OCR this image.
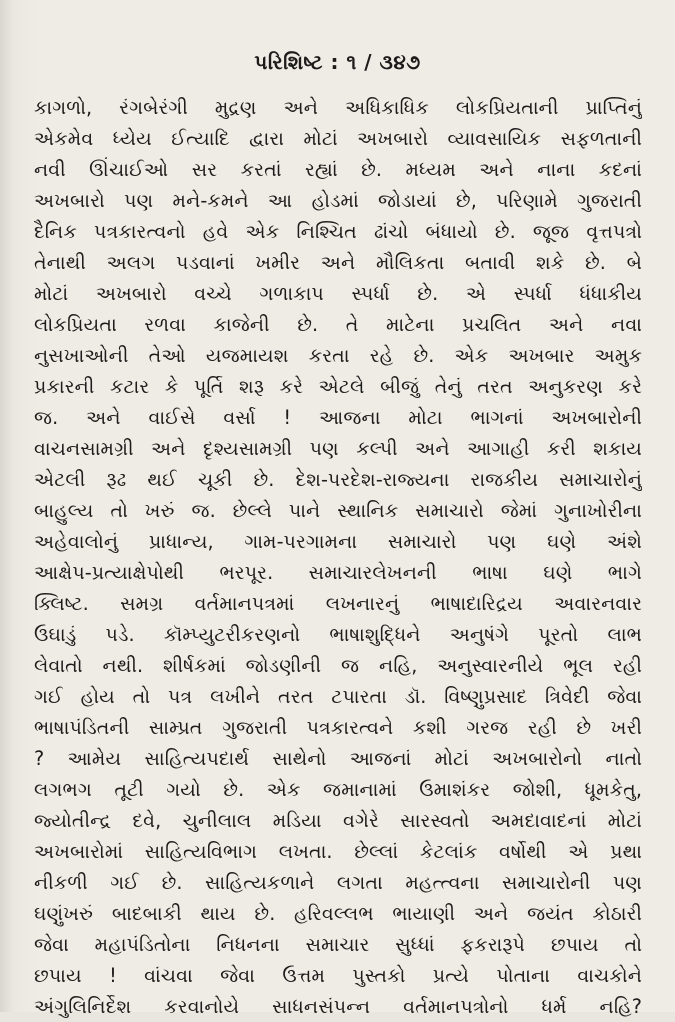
પરિશિષ્ટ : ૧ / ૩૪૭
કાગળો, રંગબેરંગી મુદ્રણ અને અધિકાધિક લોકપ્રિયતાની પ્રાપ્તિનું
એકમેવ ધ્યેય ઈત્યાદિ દ્વારા મોટાં અખબારો વ્યાવસાયિક સફળતાની
નવી ઊંચાઈઓ સર કરતાં રહ્યાં છે. મધ્યમ અને નાના કદનાં
અખબારો પણ મને-કમને આ હોડમાં જોડાયાં છે, પરિણામે ગુજરાતી
દૈનિક પત્રકારત્વનો હવે એક નિશ્ચિત ઢાંચો બંધાયો છે. જૂજ વૃત્તપત્રો
તેનાથી અલગ પડવાનાં ખમીર અને મૌલિકતા બતાવી શકે છે. બે
મોટાં અખબારો વચ્ચે ગળાકાપ સ્પર્ધા છે. એ સ્પર્ધા ધંધાકીય
લોકપ્રિયતા રળવા કાજેની છે. તે માટેના પ્રચલિત અને નવા
નુસખાઓની તેઓ યજમાયશ કરતા રહે છે. એક અખબાર અમુક
પ્રકારની કટાર કે પૂર્તિ શરૂ કરે એટલે બીજું તેનું તરત અનુકરણ કરે
જ. અને વાઈસે વર્સા ! આજના મોટા ભાગનાં અખબારોની
વાચનસામગ્રી અને દૃશ્યસામગ્રી પણ કલ્પી અને આગાહી કરી શકાય
એટલી રૂઢ થઈ ચૂકી છે. દેશ-પરદેશ-રાજ્યના રાજકીય સમાચારોનું
બાહુલ્ય તો ખરું જ. છેલ્લે પાને સ્થાનિક સમાચારો જેમાં ગુનાખોરીના
અહેવાલોનું પ્રાધાન્ય, ગામ-પરગામના સમાચારો પણ ઘણે અંશે
આક્ષેપ-પ્રત્યાક્ષેપોથી ભરપૂર. સમાચારલેખનની ભાષા ઘણે ભાગે
ક્લિષ્ટ. સમગ્ર વર્તમાનપત્રમાં લખનારનું ભાષાદારિદ્રય અવારનવાર
ઉઘાડું પડે. કૉમ્પ્યુટરીકરણનો ભાષાશુદ્ધિને અનુષંગે પૂરતો લાભ
લેવાતો નથી. શીર્ષકમાં જોડણીની જ નહિ, અનુસ્વારનીયે ભૂલ રહી
ગઈ હોય તો પત્ર લખીને તરત ટપારતા ડૉ. વિષ્ણુપ્રસાદ ત્રિવેદી જેવા
ભાષાપંડિતની સામ્પ્રત ગુજરાતી પત્રકારત્વને કશી ગરજ રહી છે ખરી
? આમેય સાહિત્યપદાર્થ સાથેનો આજનાં મોટાં અખબારોનો નાતો
લગભગ તૂટી ગયો છે. એક જમાનામાં ઉમાશંકર જોશી, ધૂમકેતુ,
જ્યોતીન્દ્ર દવે, ચુનીલાલ મડિયા વગેરે સારસ્વતો અમદાવાદનાં મોટાં
અખબારોમાં સાહિત્યવિભાગ લખતા. છેલ્લાં કેટલાંક વર્ષોથી એ પ્રથા
નીકળી ગઈ છે. સાહિત્યકળાને લગતા મહત્ત્વના સમાચારોની પણ
ઘણુંખરું બાદબાકી થાય છે. હરિવલ્લભ ભાયાણી અને જયંત કોઠારી
જેવા મહાપંડિતોના નિધનના સમાચાર સુધ્ધાં ફકરારૂપે છપાય તો
છપાય ! વાંચવા જેવા ઉત્તમ પુસ્તકો પ્રત્યે પોતાના વાચકોને
અંગુલિનિર્દેશ કરવાનોયે સાધનસંપન્ન વર્તમાનપત્રોનો ધર્મ નહિ?
